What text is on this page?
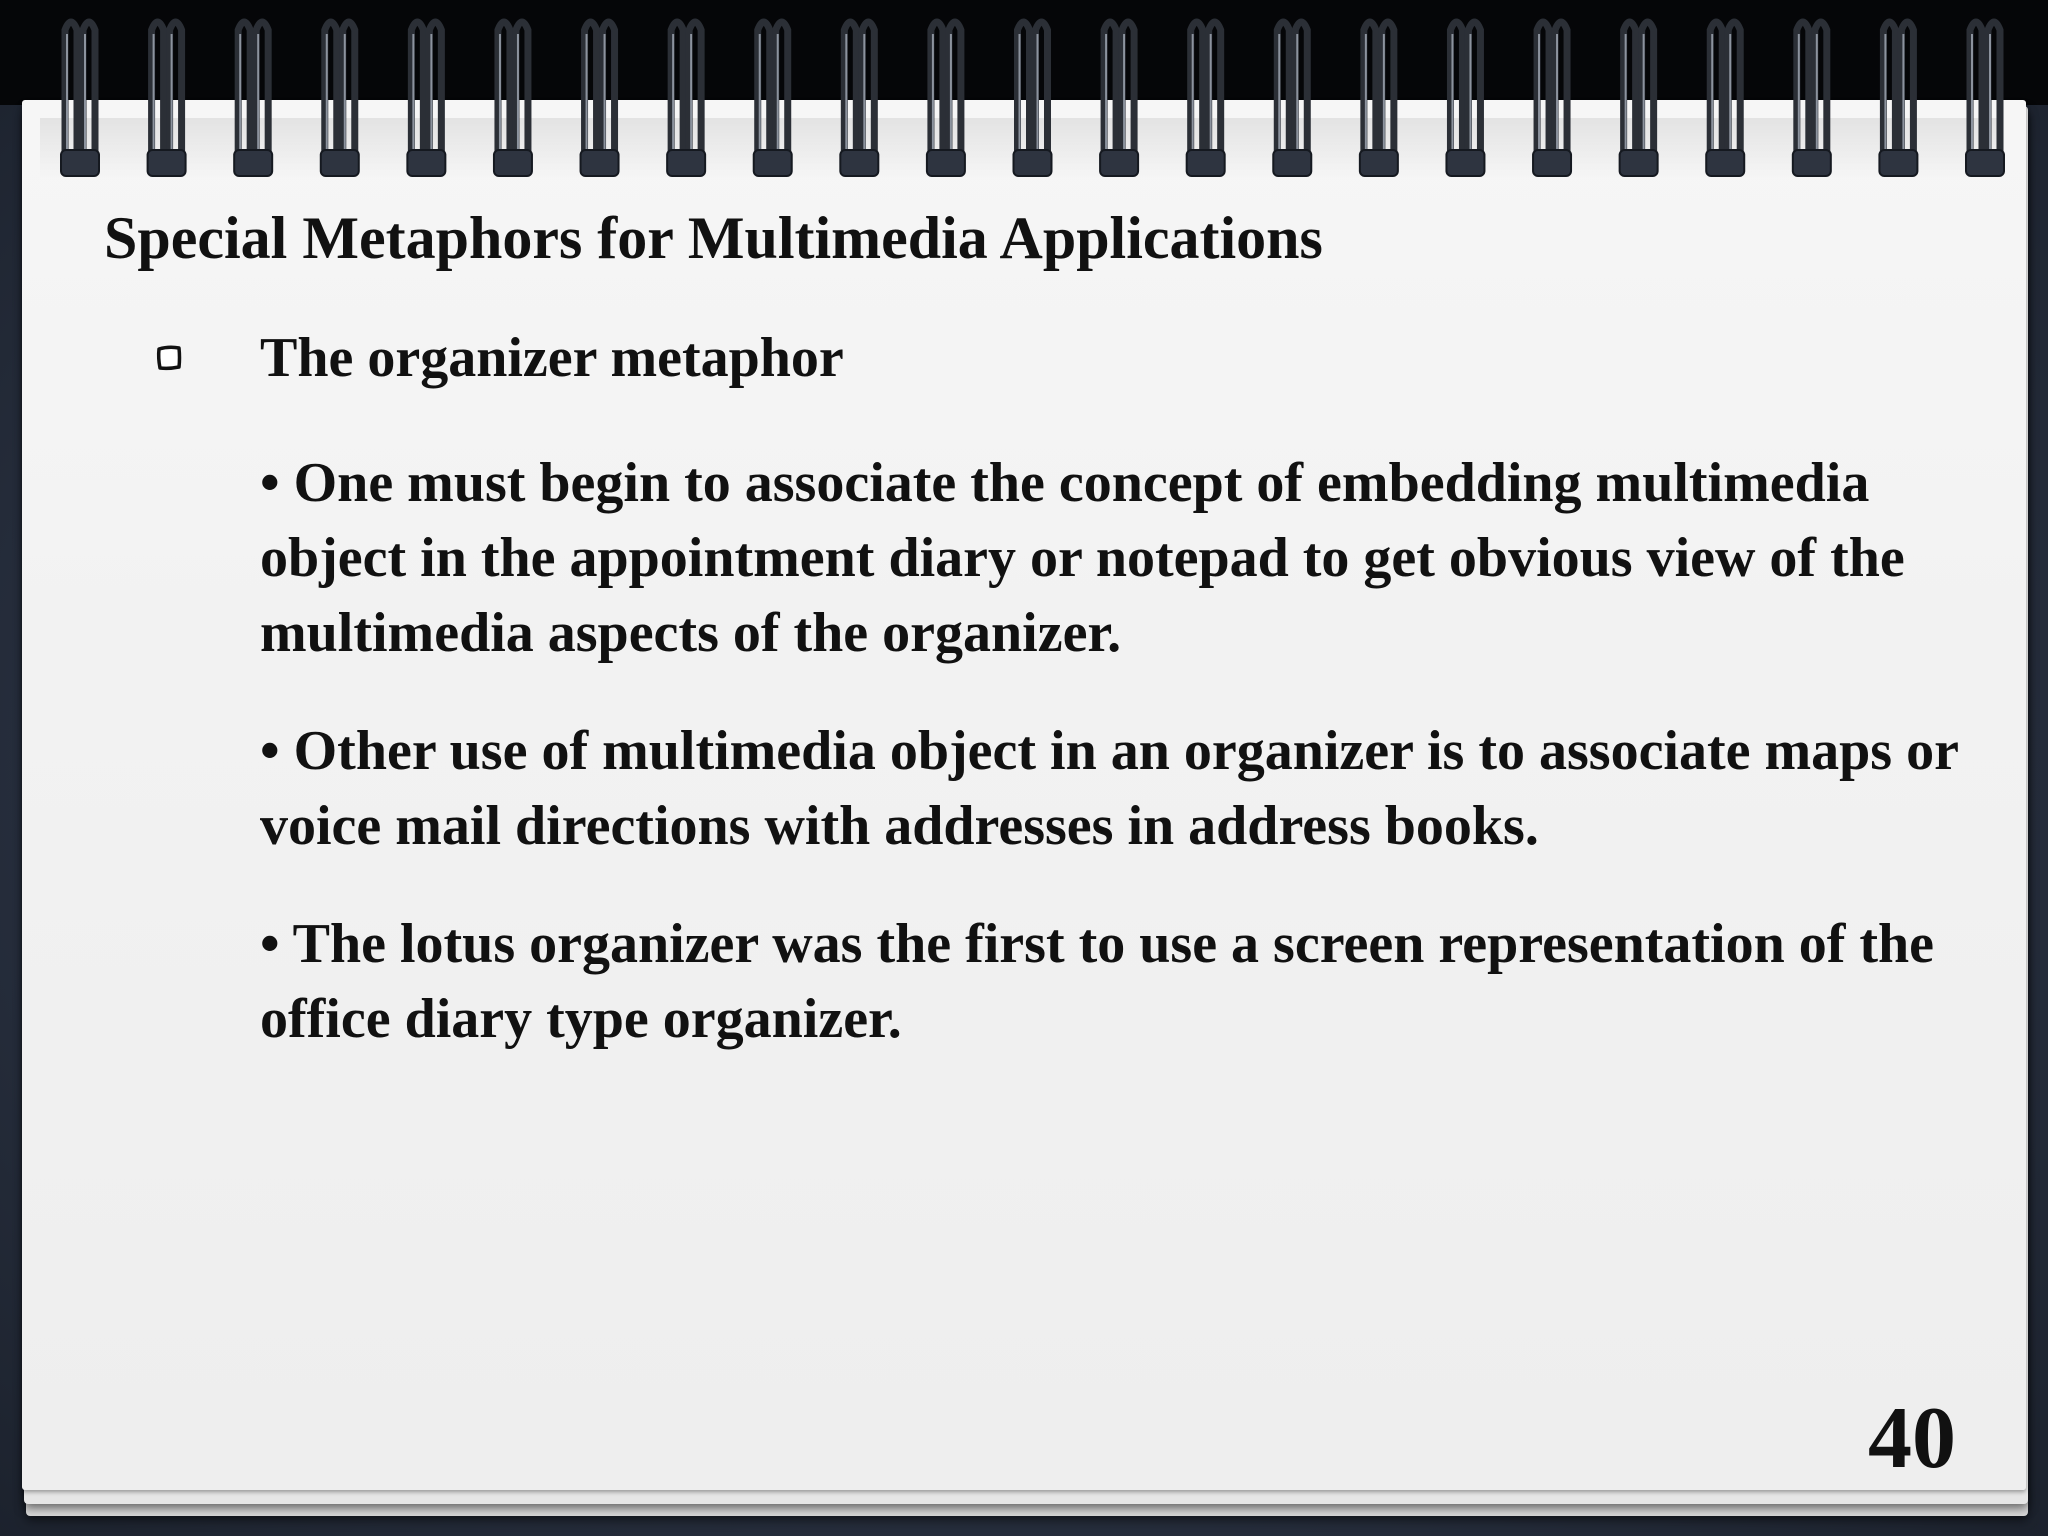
Special Metaphors for Multimedia Applications
The organizer metaphor
• One must begin to associate the concept of embedding multimedia object in the appointment diary or notepad to get obvious view of the multimedia aspects of the organizer.
• Other use of multimedia object in an organizer is to associate maps or voice mail directions with addresses in address books.
• The lotus organizer was the first to use a screen representation of the office diary type organizer.
40
